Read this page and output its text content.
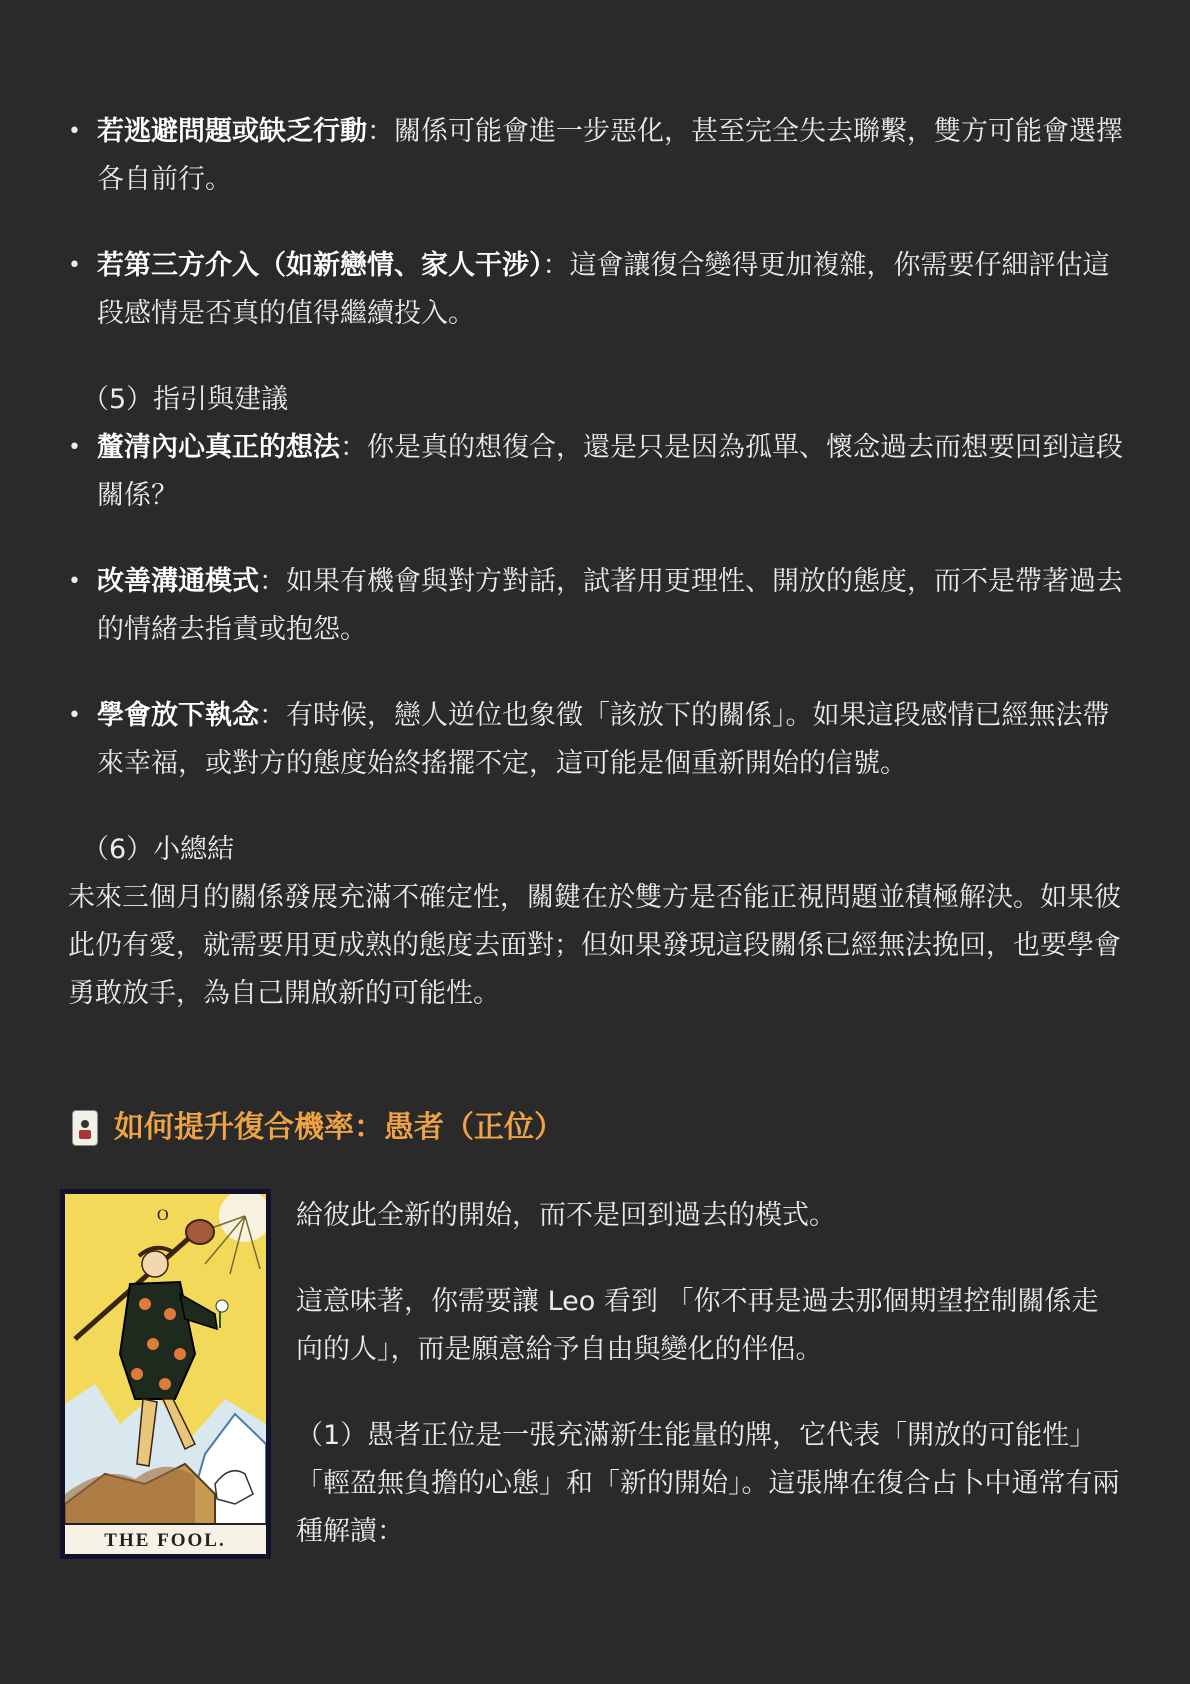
• 若逃避問題或缺乏行動：關係可能會進一步惡化，甚至完全失去聯繫，雙方可能會選擇各自前行。
• 若第三方介入（如新戀情、家人干涉）：這會讓復合變得更加複雜，你需要仔細評估這段感情是否真的值得繼續投入。
（5）指引與建議
• 釐清內心真正的想法：你是真的想復合，還是只是因為孤單、懷念過去而想要回到這段關係？
• 改善溝通模式：如果有機會與對方對話，試著用更理性、開放的態度，而不是帶著過去的情緒去指責或抱怨。
• 學會放下執念：有時候，戀人逆位也象徵「該放下的關係」。如果這段感情已經無法帶來幸福，或對方的態度始終搖擺不定，這可能是個重新開始的信號。
（6）小總結

未來三個月的關係發展充滿不確定性，關鍵在於雙方是否能正視問題並積極解決。如果彼此仍有愛，就需要用更成熟的態度去面對；但如果發現這段關係已經無法挽回，也要學會勇敢放手，為自己開啟新的可能性。

如何提升復合機率：愚者（正位）
O
THE FOOL.

給彼此全新的開始，而不是回到過去的模式。

這意味著，你需要讓 Leo 看到 「你不再是過去那個期望控制關係走向的人」，而是願意給予自由與變化的伴侶。

（1）愚者正位是一張充滿新生能量的牌，它代表「開放的可能性」「輕盈無負擔的心態」和「新的開始」。這張牌在復合占卜中通常有兩種解讀：
